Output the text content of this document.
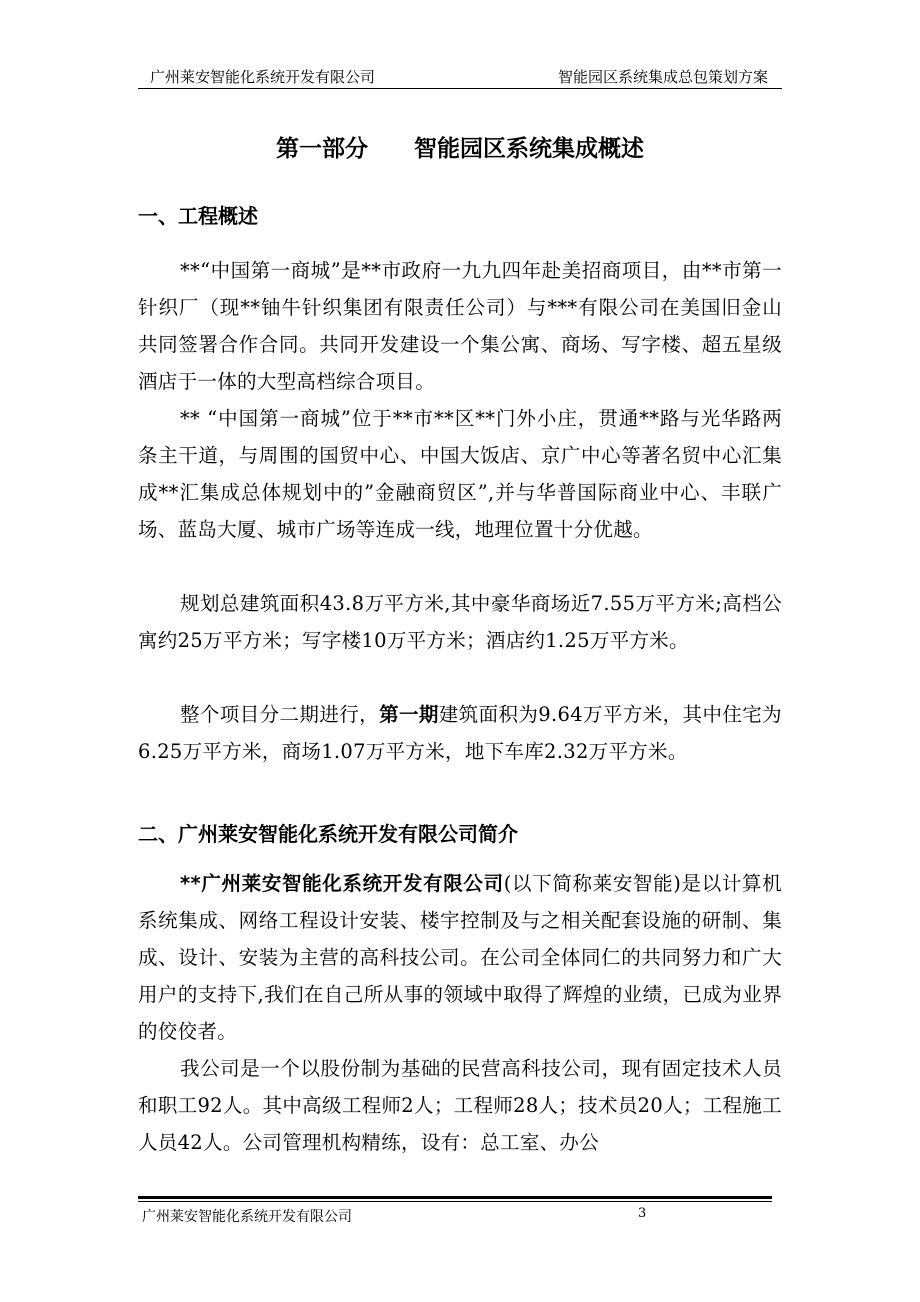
广州莱安智能化系统开发有限公司	智能园区系统集成总包策划方案
第一部分 智能园区系统集成概述
一、工程概述
**“中国第一商城”是**市政府一九九四年赴美招商项目，由**市第一针织厂（现**铀牛针织集团有限责任公司）与***有限公司在美国旧金山共同签署合作合同。共同开发建设一个集公寓、商场、写字楼、超五星级酒店于一体的大型高档综合项目。
** “中国第一商城”位于**市**区**门外小庄，贯通**路与光华路两条主干道，与周围的国贸中心、中国大饭店、京广中心等著名贸中心汇集成**汇集成总体规划中的”金融商贸区”,并与华普国际商业中心、丰联广场、蓝岛大厦、城市广场等连成一线，地理位置十分优越。
规划总建筑面积43.8万平方米,其中豪华商场近7.55万平方米;高档公寓约25万平方米；写字楼10万平方米；酒店约1.25万平方米。
整个项目分二期进行，第一期建筑面积为9.64万平方米，其中住宅为6.25万平方米，商场1.07万平方米，地下车库2.32万平方米。
二、广州莱安智能化系统开发有限公司简介
**广州莱安智能化系统开发有限公司(以下简称莱安智能)是以计算机系统集成、网络工程设计安装、楼宇控制及与之相关配套设施的研制、集成、设计、安装为主营的高科技公司。在公司全体同仁的共同努力和广大用户的支持下,我们在自己所从事的领域中取得了辉煌的业绩，已成为业界的佼佼者。
我公司是一个以股份制为基础的民营高科技公司，现有固定技术人员和职工92人。其中高级工程师2人；工程师28人；技术员20人；工程施工人员42人。公司管理机构精练，设有：总工室、办公
广州莱安智能化系统开发有限公司	3
